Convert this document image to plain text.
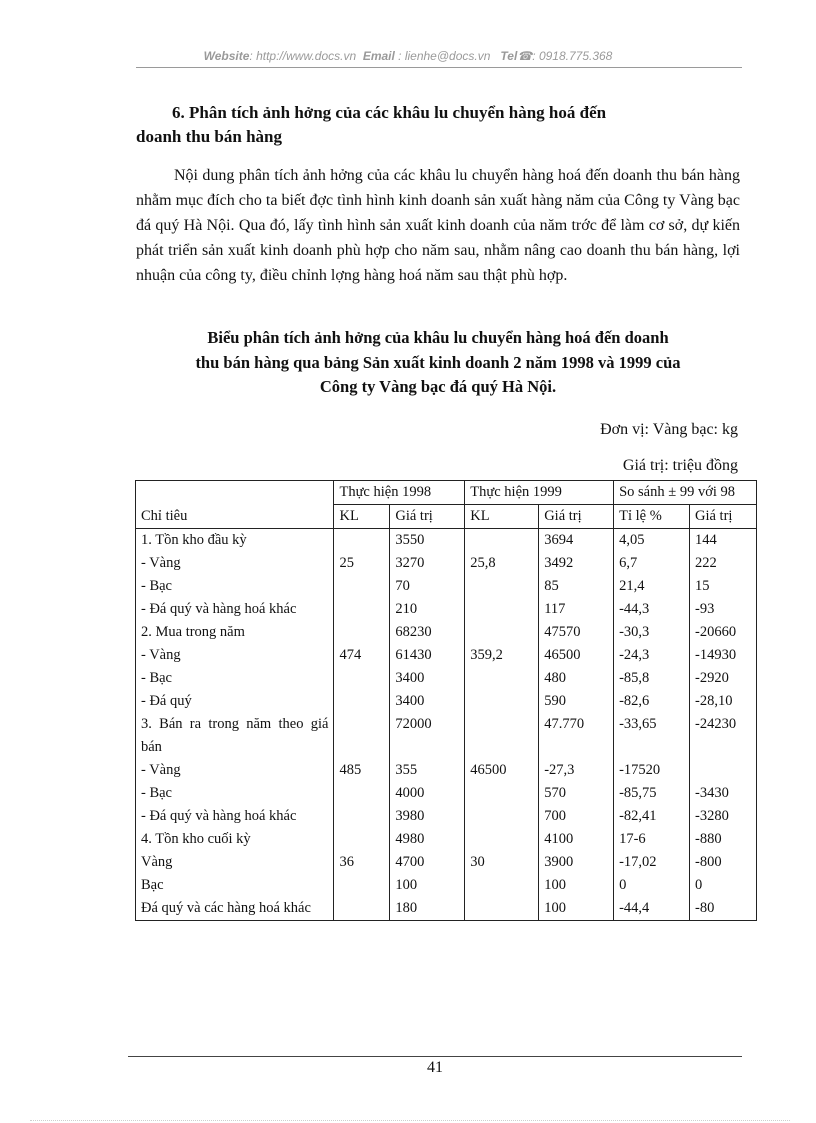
Website: http://www.docs.vn Email : lienhe@docs.vn Tel☎: 0918.775.368
6. Phân tích ảnh hởng của các khâu lu chuyển hàng hoá đến
doanh thu bán hàng
Nội dung phân tích ảnh hởng của các khâu lu chuyển hàng hoá đến doanh thu bán hàng nhằm mục đích cho ta biết đợc tình hình kinh doanh sản xuất hàng năm của Công ty Vàng bạc đá quý Hà Nội. Qua đó, lấy tình hình sản xuất kinh doanh của năm trớc để làm cơ sở, dự kiến phát triển sản xuất kinh doanh phù hợp cho năm sau, nhằm nâng cao doanh thu bán hàng, lợi nhuận của công ty, điều chỉnh lợng hàng hoá năm sau thật phù hợp.
Biểu phân tích ảnh hởng của khâu lu chuyển hàng hoá đến doanh
thu bán hàng qua bảng Sản xuất kinh doanh 2 năm 1998 và 1999 của
Công ty Vàng bạc đá quý Hà Nội.
Đơn vị: Vàng bạc: kg
Giá trị: triệu đồng
Chỉ tiêu	Thực hiện 1998		Thực hiện 1999		So sánh ± 99 với 98	
	KL	Giá trị	KL	Giá trị	Tỉ lệ %	Giá trị
1. Tồn kho đầu kỳ		3550		3694	4,05	144
- Vàng	25	3270	25,8	3492	6,7	222
- Bạc		70		85	21,4	15
- Đá quý và hàng hoá khác		210		117	-44,3	-93
2. Mua trong năm		68230		47570	-30,3	-20660
- Vàng	474	61430	359,2	46500	-24,3	-14930
- Bạc		3400		480	-85,8	-2920
- Đá quý		3400		590	-82,6	-28,10
3. Bán ra trong năm theo giá bán		72000		47.770	-33,65	-24230
- Vàng	485	355	46500	-27,3	-17520	
- Bạc		4000		570	-85,75	-3430
- Đá quý và hàng hoá khác		3980		700	-82,41	-3280
4. Tồn kho cuối kỳ		4980		4100	17-6	-880
Vàng	36	4700	30	3900	-17,02	-800
Bạc		100		100	0	0
Đá quý và các hàng hoá khác		180		100	-44,4	-80
41
